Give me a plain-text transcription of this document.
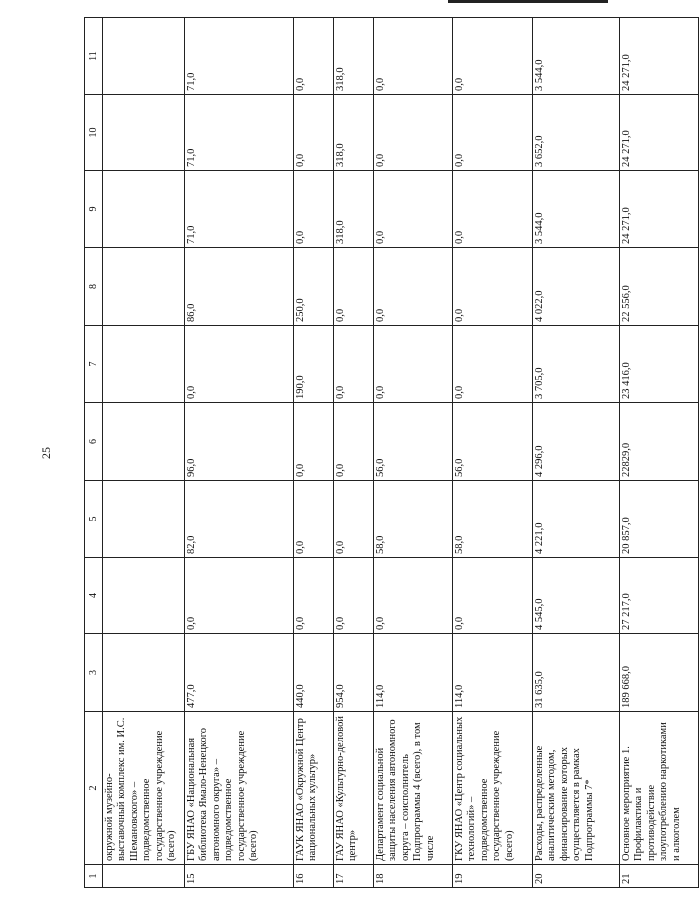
25
1	2	3	4	5	6	7	8	9	10	11
	окружной музейно-выставочный комплекс им. И.С. Шемановского» – подведомственное государственное учреждение (всего)									
15	ГБУ ЯНАО «Национальная библиотека Ямало-Ненецкого автономного округа» – подведомственное государственное учреждение (всего)	477,0	0,0	82,0	96,0	0,0	86,0	71,0	71,0	71,0
16	ГАУК ЯНАО «Окружной Центр национальных культур»	440,0	0,0	0,0	0,0	190,0	250,0	0,0	0,0	0,0
17	ГАУ ЯНАО «Культурно-деловой центр»	954,0	0,0	0,0	0,0	0,0	0,0	318,0	318,0	318,0
18	Департамент социальной защиты населения автономного округа – соисполнитель Подпрограммы 4 (всего), в том числе	114,0	0,0	58,0	56,0	0,0	0,0	0,0	0,0	0,0
19	ГКУ ЯНАО «Центр социальных технологий» – подведомственное государственное учреждение (всего)	114,0	0,0	58,0	56,0	0,0	0,0	0,0	0,0	0,0
20	Расходы, распределенные аналитическим методом, финансирование которых осуществляется в рамках Подпрограммы 7*	31 635,0	4 545,0	4 221,0	4 296,0	3 705,0	4 022,0	3 544,0	3 652,0	3 544,0
21	Основное мероприятие 1. Профилактика и противодействие злоупотреблению наркотиками и алкоголем	189 668,0	27 217,0	20 857,0	22829,0	23 416,0	22 556,0	24 271,0	24 271,0	24 271,0
